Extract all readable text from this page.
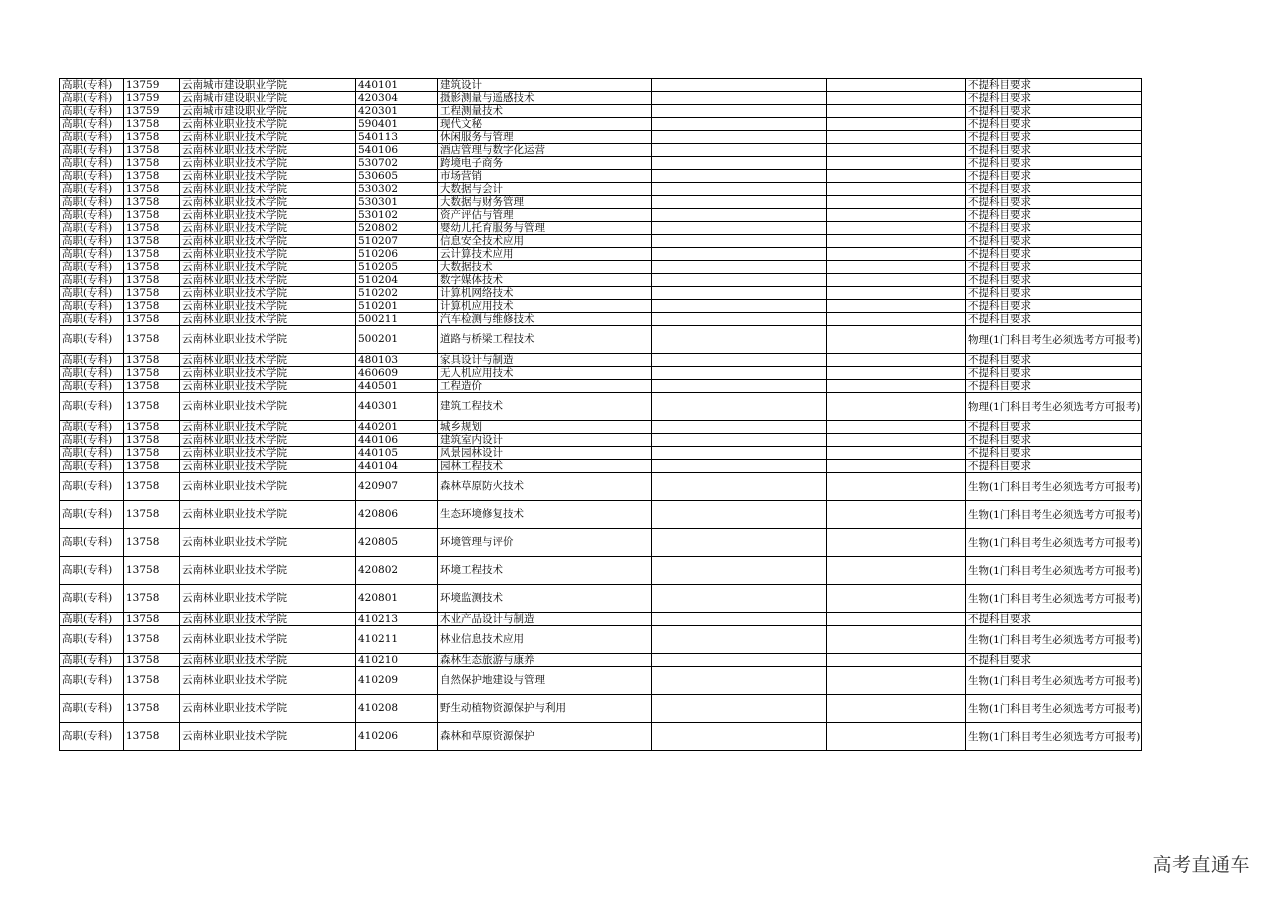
高职(专科)	13759	云南城市建设职业学院	440101	建筑设计			不提科目要求
高职(专科)	13759	云南城市建设职业学院	420304	摄影测量与遥感技术			不提科目要求
高职(专科)	13759	云南城市建设职业学院	420301	工程测量技术			不提科目要求
高职(专科)	13758	云南林业职业技术学院	590401	现代文秘			不提科目要求
高职(专科)	13758	云南林业职业技术学院	540113	休闲服务与管理			不提科目要求
高职(专科)	13758	云南林业职业技术学院	540106	酒店管理与数字化运营			不提科目要求
高职(专科)	13758	云南林业职业技术学院	530702	跨境电子商务			不提科目要求
高职(专科)	13758	云南林业职业技术学院	530605	市场营销			不提科目要求
高职(专科)	13758	云南林业职业技术学院	530302	大数据与会计			不提科目要求
高职(专科)	13758	云南林业职业技术学院	530301	大数据与财务管理			不提科目要求
高职(专科)	13758	云南林业职业技术学院	530102	资产评估与管理			不提科目要求
高职(专科)	13758	云南林业职业技术学院	520802	婴幼儿托育服务与管理			不提科目要求
高职(专科)	13758	云南林业职业技术学院	510207	信息安全技术应用			不提科目要求
高职(专科)	13758	云南林业职业技术学院	510206	云计算技术应用			不提科目要求
高职(专科)	13758	云南林业职业技术学院	510205	大数据技术			不提科目要求
高职(专科)	13758	云南林业职业技术学院	510204	数字媒体技术			不提科目要求
高职(专科)	13758	云南林业职业技术学院	510202	计算机网络技术			不提科目要求
高职(专科)	13758	云南林业职业技术学院	510201	计算机应用技术			不提科目要求
高职(专科)	13758	云南林业职业技术学院	500211	汽车检测与维修技术			不提科目要求
高职(专科)	13758	云南林业职业技术学院	500201	道路与桥梁工程技术			物理(1门科目考生必须选考方可报考)
高职(专科)	13758	云南林业职业技术学院	480103	家具设计与制造			不提科目要求
高职(专科)	13758	云南林业职业技术学院	460609	无人机应用技术			不提科目要求
高职(专科)	13758	云南林业职业技术学院	440501	工程造价			不提科目要求
高职(专科)	13758	云南林业职业技术学院	440301	建筑工程技术			物理(1门科目考生必须选考方可报考)
高职(专科)	13758	云南林业职业技术学院	440201	城乡规划			不提科目要求
高职(专科)	13758	云南林业职业技术学院	440106	建筑室内设计			不提科目要求
高职(专科)	13758	云南林业职业技术学院	440105	风景园林设计			不提科目要求
高职(专科)	13758	云南林业职业技术学院	440104	园林工程技术			不提科目要求
高职(专科)	13758	云南林业职业技术学院	420907	森林草原防火技术			生物(1门科目考生必须选考方可报考)
高职(专科)	13758	云南林业职业技术学院	420806	生态环境修复技术			生物(1门科目考生必须选考方可报考)
高职(专科)	13758	云南林业职业技术学院	420805	环境管理与评价			生物(1门科目考生必须选考方可报考)
高职(专科)	13758	云南林业职业技术学院	420802	环境工程技术			生物(1门科目考生必须选考方可报考)
高职(专科)	13758	云南林业职业技术学院	420801	环境监测技术			生物(1门科目考生必须选考方可报考)
高职(专科)	13758	云南林业职业技术学院	410213	木业产品设计与制造			不提科目要求
高职(专科)	13758	云南林业职业技术学院	410211	林业信息技术应用			生物(1门科目考生必须选考方可报考)
高职(专科)	13758	云南林业职业技术学院	410210	森林生态旅游与康养			不提科目要求
高职(专科)	13758	云南林业职业技术学院	410209	自然保护地建设与管理			生物(1门科目考生必须选考方可报考)
高职(专科)	13758	云南林业职业技术学院	410208	野生动植物资源保护与利用			生物(1门科目考生必须选考方可报考)
高职(专科)	13758	云南林业职业技术学院	410206	森林和草原资源保护			生物(1门科目考生必须选考方可报考)
高考直通车
